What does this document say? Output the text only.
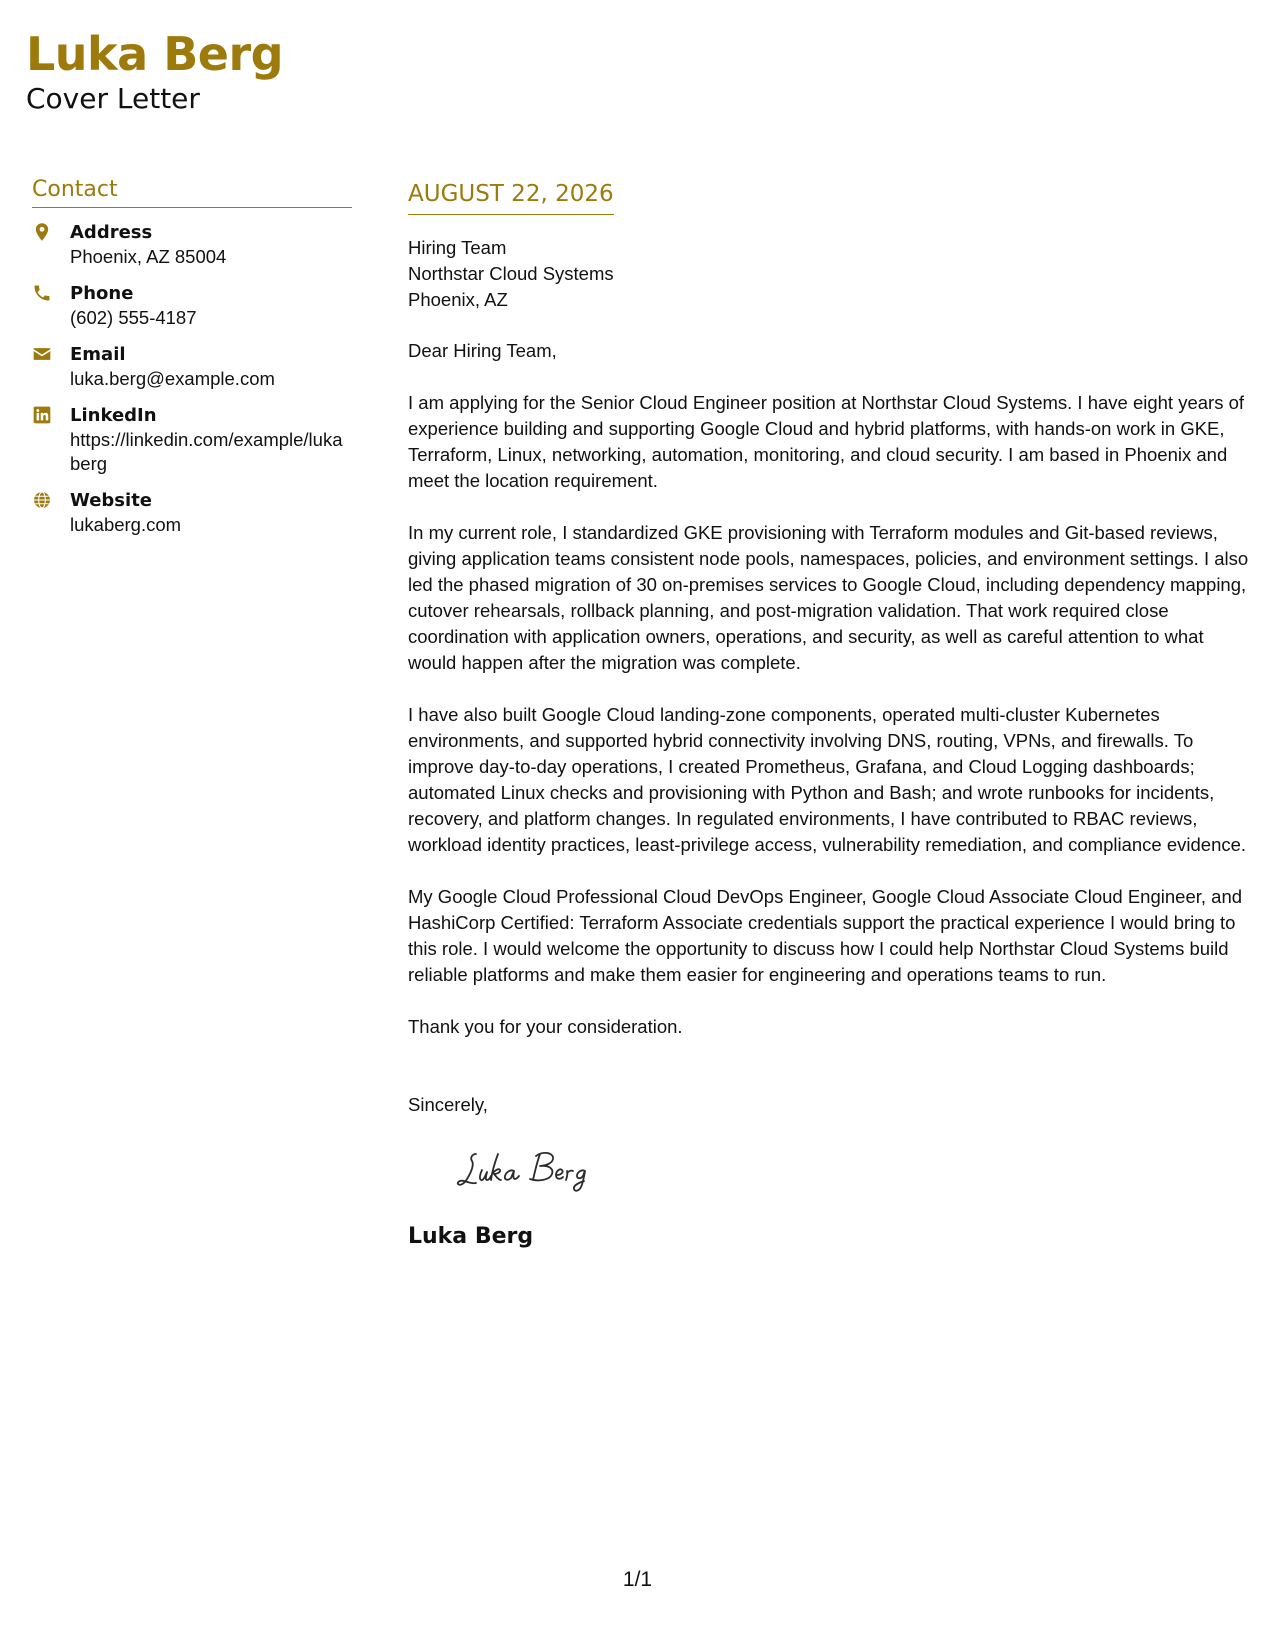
Luka Berg
Cover Letter
Contact
Address
Phoenix, AZ 85004
Phone
(602) 555-4187
Email
luka.berg@example.com
LinkedIn
https://linkedin.com/example/lukaberg
Website
lukaberg.com
AUGUST 22, 2026

Hiring Team

Northstar Cloud Systems

Phoenix, AZ

Dear Hiring Team,

I am applying for the Senior Cloud Engineer position at Northstar Cloud Systems. I have eight years of experience building and supporting Google Cloud and hybrid platforms, with hands-on work in GKE, Terraform, Linux, networking, automation, monitoring, and cloud security. I am based in Phoenix and meet the location requirement.

In my current role, I standardized GKE provisioning with Terraform modules and Git-based reviews, giving application teams consistent node pools, namespaces, policies, and environment settings. I also led the phased migration of 30 on-premises services to Google Cloud, including dependency mapping, cutover rehearsals, rollback planning, and post-migration validation. That work required close coordination with application owners, operations, and security, as well as careful attention to what would happen after the migration was complete.

I have also built Google Cloud landing-zone components, operated multi-cluster Kubernetes environments, and supported hybrid connectivity involving DNS, routing, VPNs, and firewalls. To improve day-to-day operations, I created Prometheus, Grafana, and Cloud Logging dashboards; automated Linux checks and provisioning with Python and Bash; and wrote runbooks for incidents, recovery, and platform changes. In regulated environments, I have contributed to RBAC reviews, workload identity practices, least-privilege access, vulnerability remediation, and compliance evidence.

My Google Cloud Professional Cloud DevOps Engineer, Google Cloud Associate Cloud Engineer, and HashiCorp Certified: Terraform Associate credentials support the practical experience I would bring to this role. I would welcome the opportunity to discuss how I could help Northstar Cloud Systems build reliable platforms and make them easier for engineering and operations teams to run.

Thank you for your consideration.

Sincerely,

Luka Berg
Luka Berg
1/1
